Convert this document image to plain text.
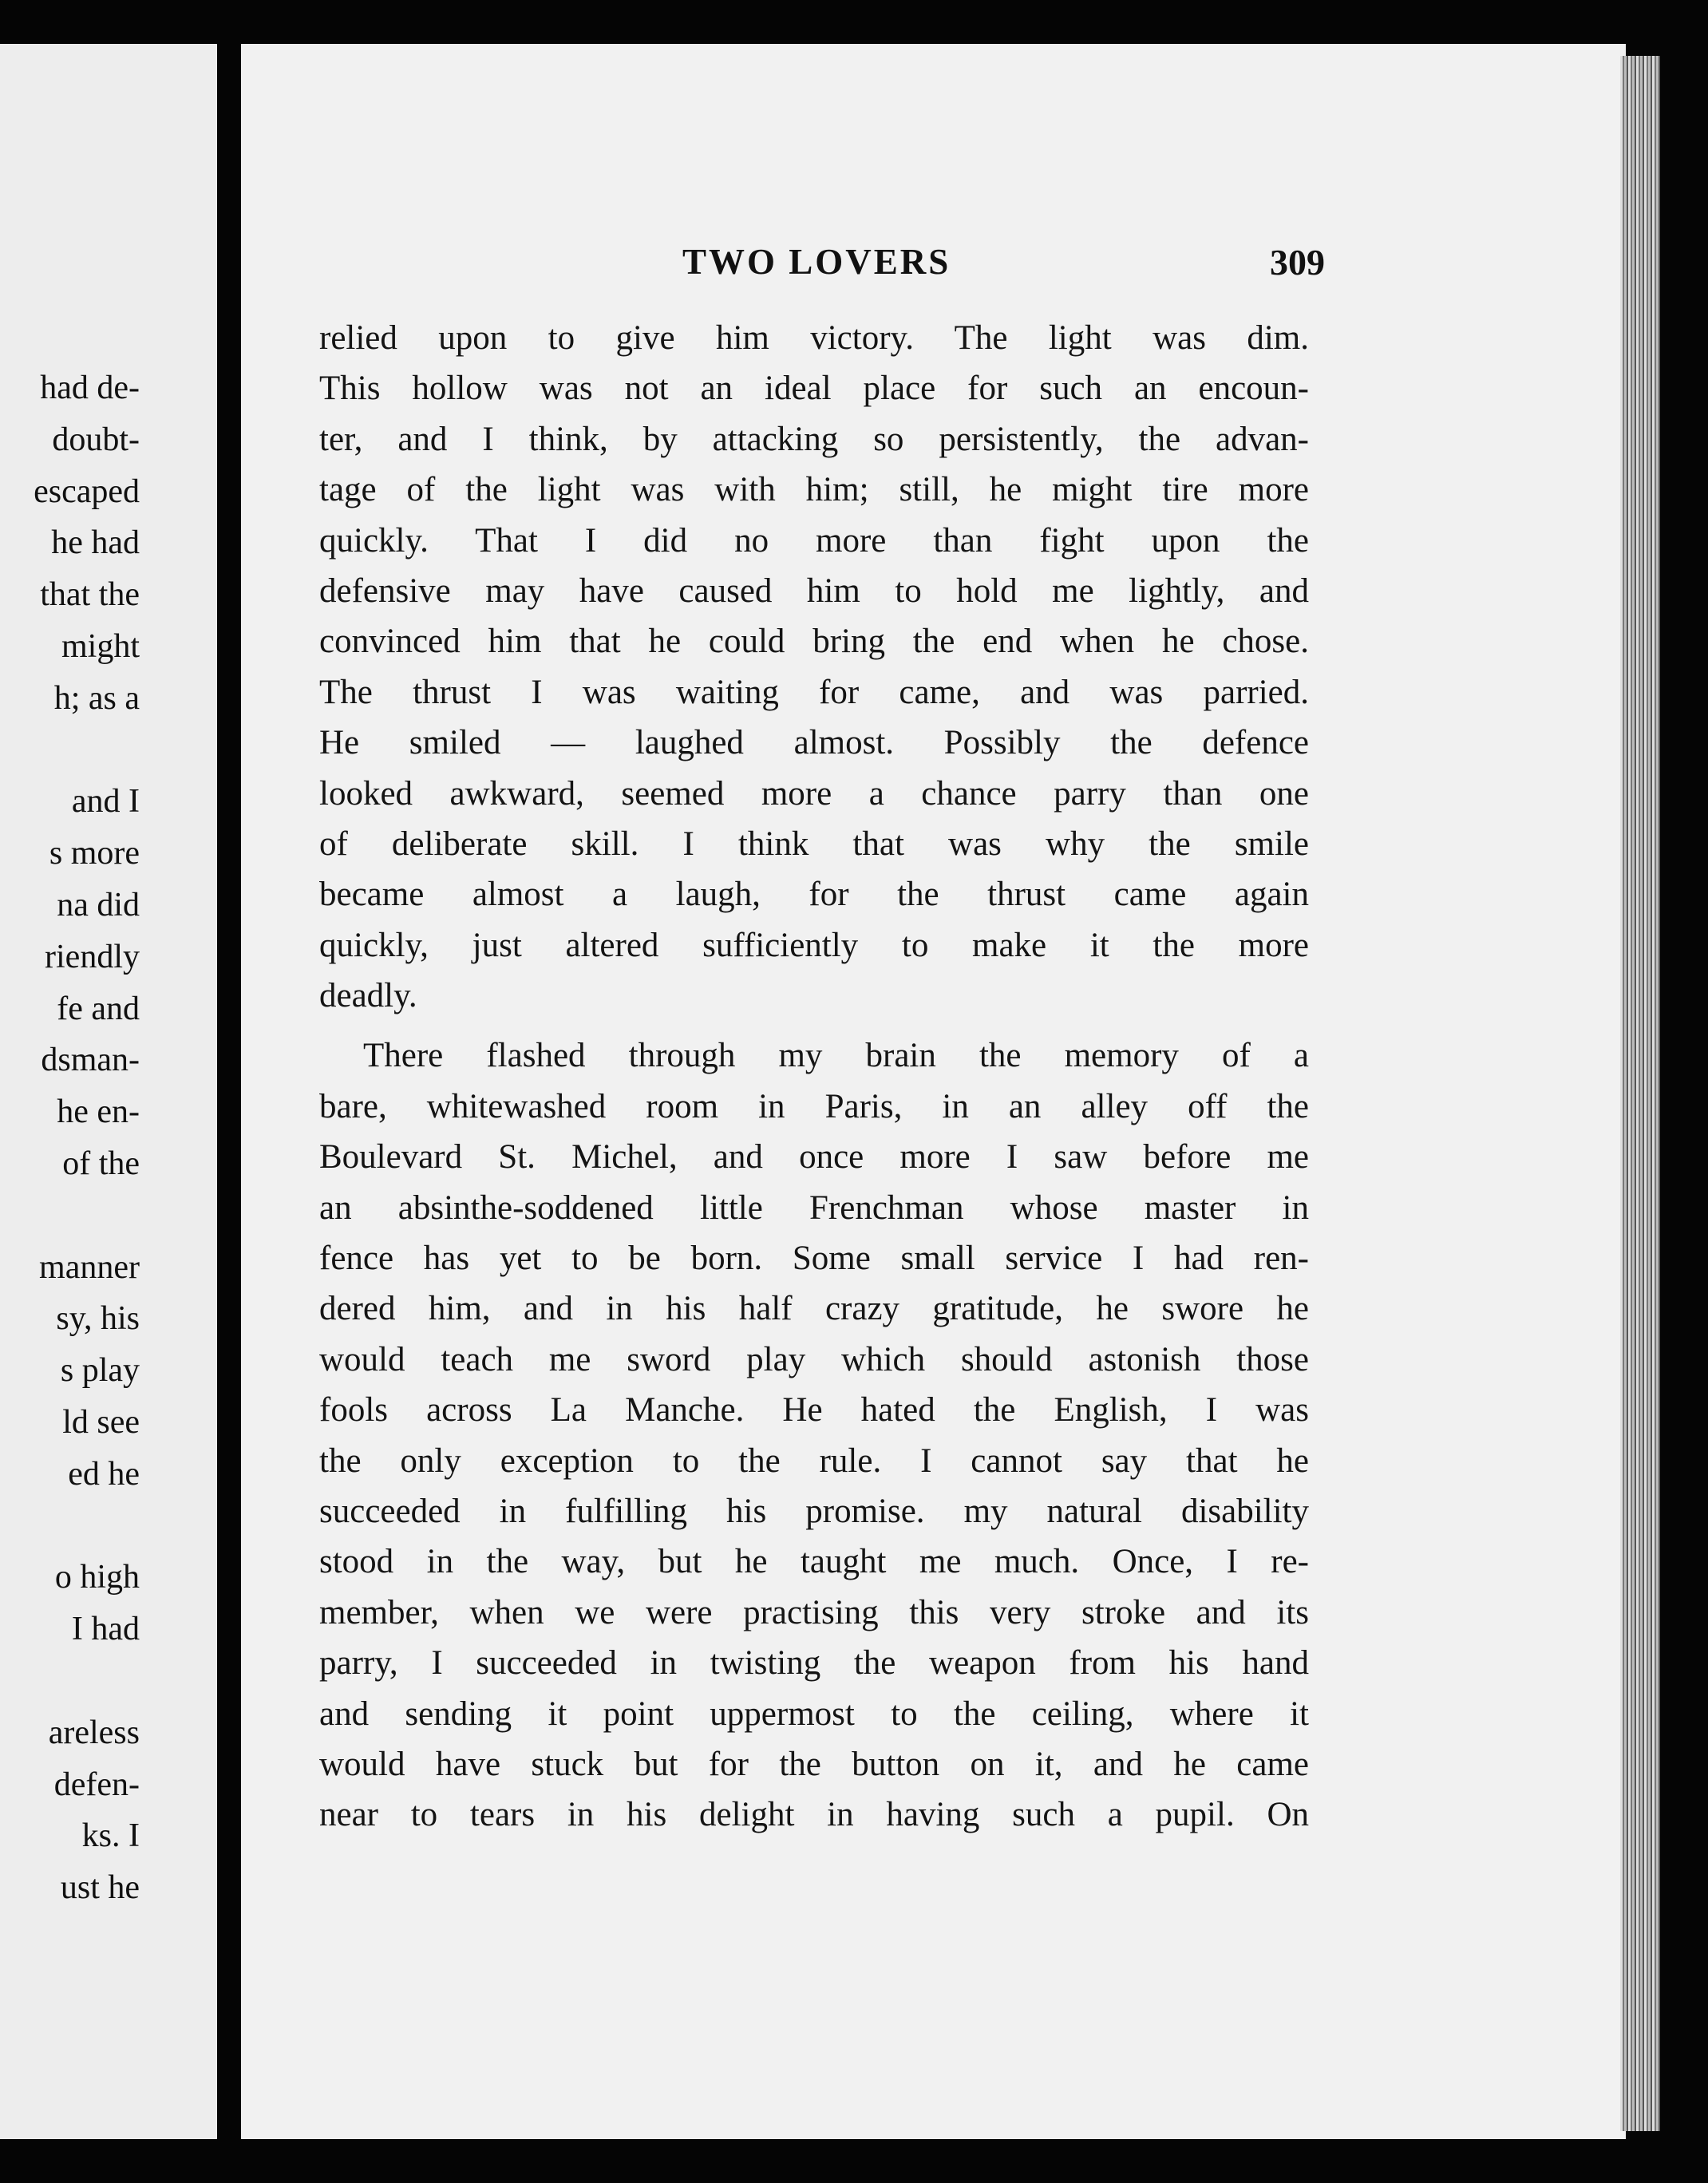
had de-
doubt-
escaped
he had
that the
might
h; as a
and I
s more
na did
riendly
fe and
dsman-
he en-
of the
manner
sy, his
s play
ld see
ed he
o high
I had
areless
defen-
ks. I
ust he
TWO LOVERS	309
relied upon to give him victory. The light was dim.
This hollow was not an ideal place for such an encoun-
ter, and I think, by attacking so persistently, the advan-
tage of the light was with him; still, he might tire more
quickly. That I did no more than fight upon the
defensive may have caused him to hold me lightly, and
convinced him that he could bring the end when he chose.
The thrust I was waiting for came, and was parried.
He smiled — laughed almost. Possibly the defence
looked awkward, seemed more a chance parry than one
of deliberate skill. I think that was why the smile
became almost a laugh, for the thrust came again
quickly, just altered sufficiently to make it the more
deadly.
There flashed through my brain the memory of a
bare, whitewashed room in Paris, in an alley off the
Boulevard St. Michel, and once more I saw before me
an absinthe-soddened little Frenchman whose master in
fence has yet to be born. Some small service I had ren-
dered him, and in his half crazy gratitude, he swore he
would teach me sword play which should astonish those
fools across La Manche. He hated the English, I was
the only exception to the rule. I cannot say that he
succeeded in fulfilling his promise. my natural disability
stood in the way, but he taught me much. Once, I re-
member, when we were practising this very stroke and its
parry, I succeeded in twisting the weapon from his hand
and sending it point uppermost to the ceiling, where it
would have stuck but for the button on it, and he came
near to tears in his delight in having such a pupil. On
